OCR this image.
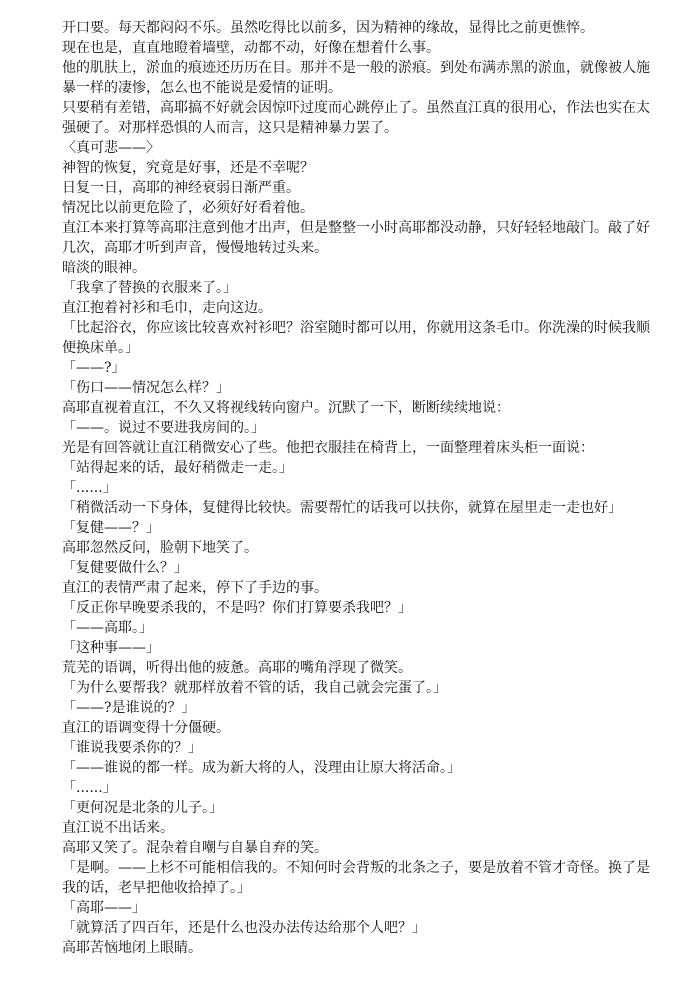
开口要。每天都闷闷不乐。虽然吃得比以前多，因为精神的缘故，显得比之前更憔悴。

现在也是，直直地瞪着墙壁，动都不动，好像在想着什么事。

他的肌肤上，淤血的痕迹还历历在目。那并不是一般的淤痕。到处布满赤黑的淤血，就像被人施暴一样的凄惨，怎么也不能说是爱情的证明。

只要稍有差错，高耶搞不好就会因惊吓过度而心跳停止了。虽然直江真的很用心，作法也实在太强硬了。对那样恐惧的人而言，这只是精神暴力罢了。

〈真可悲——〉

神智的恢复，究竟是好事，还是不幸呢？

日复一日，高耶的神经衰弱日渐严重。

情况比以前更危险了，必须好好看着他。

直江本来打算等高耶注意到他才出声，但是整整一小时高耶都没动静，只好轻轻地敲门。敲了好几次，高耶才听到声音，慢慢地转过头来。

暗淡的眼神。

「我拿了替换的衣服来了。」

直江抱着衬衫和毛巾，走向这边。

「比起浴衣，你应该比较喜欢衬衫吧？浴室随时都可以用，你就用这条毛巾。你洗澡的时候我顺便换床单。」

「——?」

「伤口——情况怎么样？」

高耶直视着直江，不久又将视线转向窗户。沉默了一下，断断续续地说：

「——。说过不要进我房间的。」

光是有回答就让直江稍微安心了些。他把衣服挂在椅背上，一面整理着床头柜一面说：

「站得起来的话，最好稍微走一走。」

「......」

「稍微活动一下身体，复健得比较快。需要帮忙的话我可以扶你，就算在屋里走一走也好」

「复健——？」

高耶忽然反问，脸朝下地笑了。

「复健要做什么？」

直江的表情严肃了起来，停下了手边的事。

「反正你早晚要杀我的，不是吗？你们打算要杀我吧？」

「——高耶。」

「这种事——」

荒芜的语调，听得出他的疲惫。高耶的嘴角浮现了微笑。

「为什么要帮我？就那样放着不管的话，我自己就会完蛋了。」

「——?是谁说的？」

直江的语调变得十分僵硬。

「谁说我要杀你的？」

「——谁说的都一样。成为新大将的人，没理由让原大将活命。」

「......」

「更何况是北条的儿子。」

直江说不出话来。

高耶又笑了。混杂着自嘲与自暴自弃的笑。

「是啊。——上杉不可能相信我的。不知何时会背叛的北条之子，要是放着不管才奇怪。换了是我的话，老早把他收拾掉了。」

「高耶——」

「就算活了四百年，还是什么也没办法传达给那个人吧？」

高耶苦恼地闭上眼睛。
